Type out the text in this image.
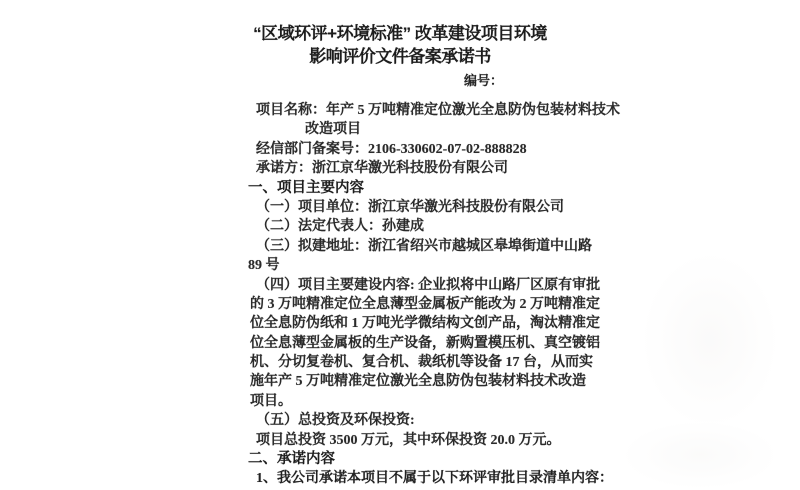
“区域环评+环境标准” 改革建设项目环境
影响评价文件备案承诺书
编号：
项目名称：年产 5 万吨精准定位激光全息防伪包装材料技术
改造项目
经信部门备案号：2106-330602-07-02-888828
承诺方：浙江京华激光科技股份有限公司
一、项目主要内容
（一）项目单位：浙江京华激光科技股份有限公司
（二）法定代表人：孙建成
（三）拟建地址：浙江省绍兴市越城区皋埠街道中山路
89 号
（四）项目主要建设内容: 企业拟将中山路厂区原有审批
的 3 万吨精准定位全息薄型金属板产能改为 2 万吨精准定
位全息防伪纸和 1 万吨光学微结构文创产品，淘汰精准定
位全息薄型金属板的生产设备，新购置模压机、真空镀铝
机、分切复卷机、复合机、裁纸机等设备 17 台，从而实
施年产 5 万吨精准定位激光全息防伪包装材料技术改造
项目。
（五）总投资及环保投资:
项目总投资 3500 万元，其中环保投资 20.0 万元。
二、承诺内容
1、我公司承诺本项目不属于以下环评审批目录清单内容：
